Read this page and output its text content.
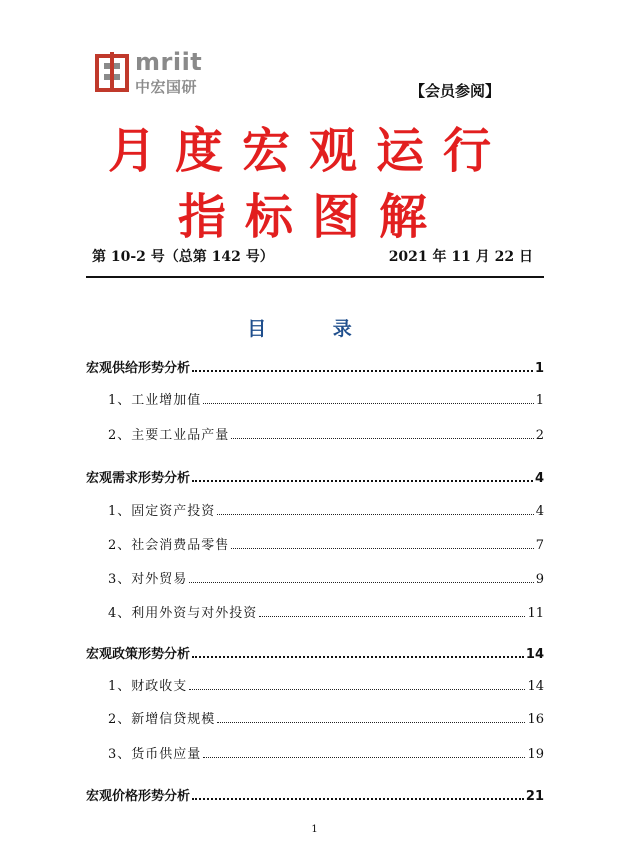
mriit
中宏国研	【会员参阅】
月度宏观运行
指标图解
第 10-2 号（总第 142 号）	2021 年 11 月 22 日
目 录
宏观供给形势分析	1
1、工业增加值	1
2、主要工业品产量	2
宏观需求形势分析	4
1、固定资产投资	4
2、社会消费品零售	7
3、对外贸易	9
4、利用外资与对外投资	11
宏观政策形势分析	14
1、财政收支	14
2、新增信贷规模	16
3、货币供应量	19
宏观价格形势分析	21
1
